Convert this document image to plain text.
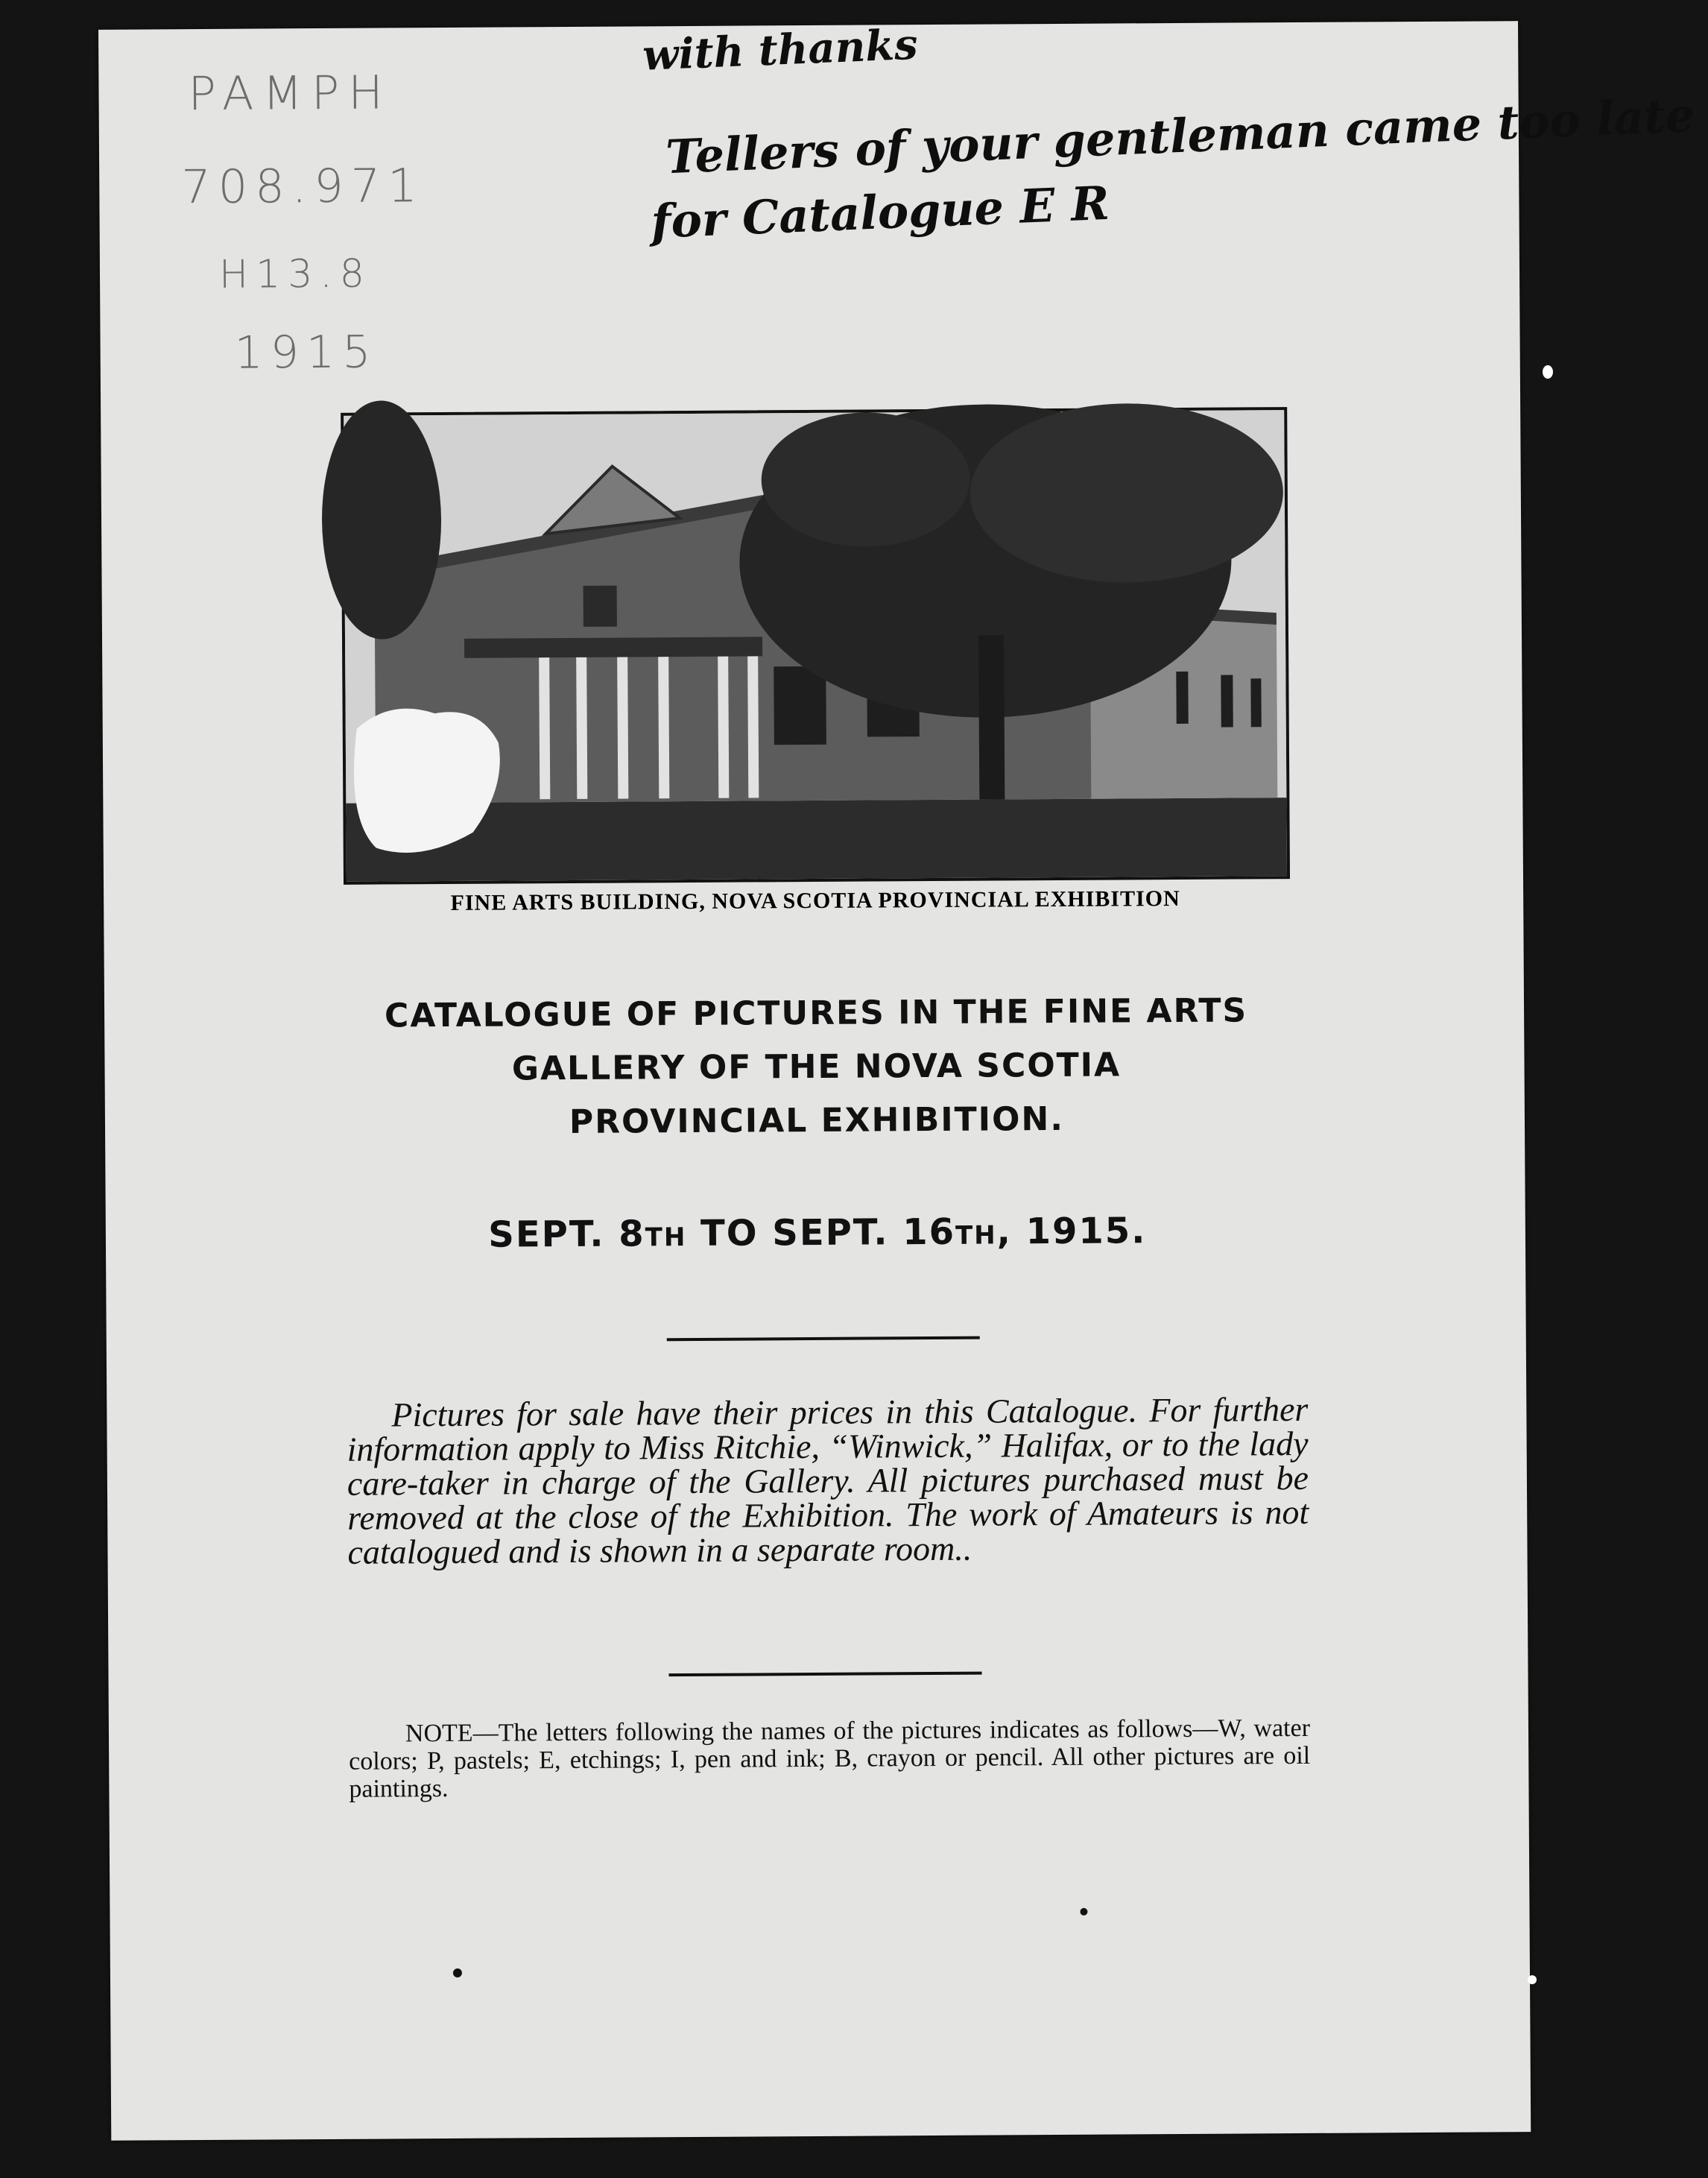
PAMPH
708.971
H13.8
1915
with thanks
Tellers of your gentleman came too late
for Catalogue E R
FINE ARTS BUILDING, NOVA SCOTIA PROVINCIAL EXHIBITION
CATALOGUE OF PICTURES IN THE FINE ARTS
GALLERY OF THE NOVA SCOTIA
PROVINCIAL EXHIBITION.
SEPT. 8TH TO SEPT. 16TH, 1915.
Pictures for sale have their prices in this Catalogue. For further information apply to Miss Ritchie, “Winwick,” Halifax, or to the lady care-taker in charge of the Gallery. All pictures purchased must be removed at the close of the Exhibition. The work of Amateurs is not catalogued and is shown in a separate room..
NOTE—The letters following the names of the pictures indicates as follows—W, water colors; P, pastels; E, etchings; I, pen and ink; B, crayon or pencil. All other pictures are oil paintings.
